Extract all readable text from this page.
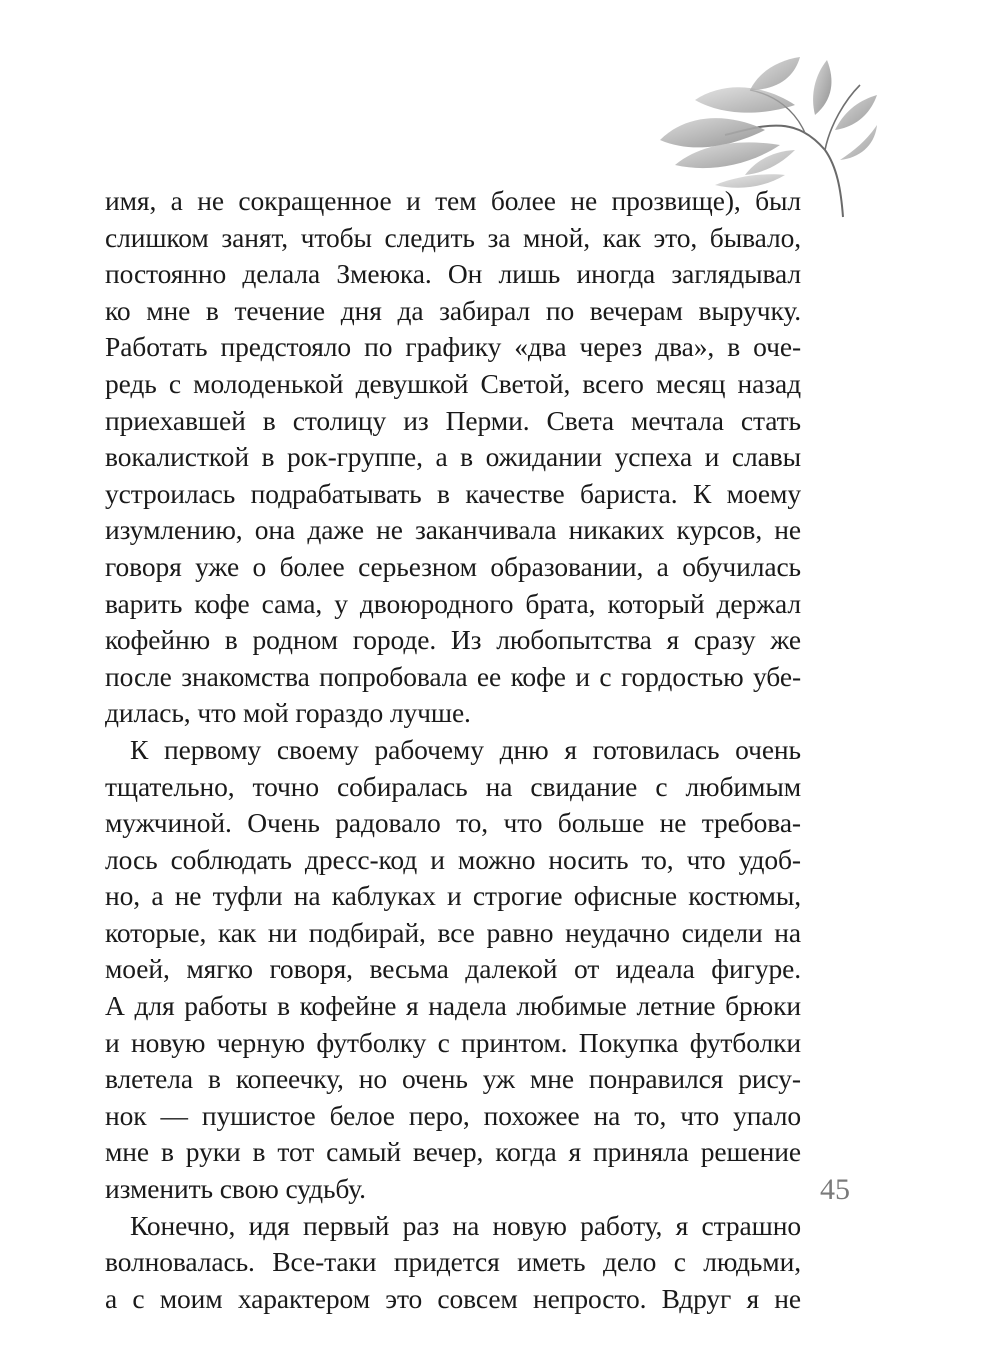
имя, а не сокращенное и тем более не прозвище), был
слишком занят, чтобы следить за мной, как это, бывало,
постоянно делала Змеюка. Он лишь иногда заглядывал
ко мне в течение дня да забирал по вечерам выручку.
Работать предстояло по графику «два через два», в оче-
редь с молоденькой девушкой Светой, всего месяц назад
приехавшей в столицу из Перми. Света мечтала стать
вокалисткой в рок-группе, а в ожидании успеха и славы
устроилась подрабатывать в качестве бариста. К моему
изумлению, она даже не заканчивала никаких курсов, не
говоря уже о более серьезном образовании, а обучилась
варить кофе сама, у двоюродного брата, который держал
кофейню в родном городе. Из любопытства я сразу же
после знакомства попробовала ее кофе и с гордостью убе-
дилась, что мой гораздо лучше.

К первому своему рабочему дню я готовилась очень
тщательно, точно собиралась на свидание с любимым
мужчиной. Очень радовало то, что больше не требова-
лось соблюдать дресс-код и можно носить то, что удоб-
но, а не туфли на каблуках и строгие офисные костюмы,
которые, как ни подбирай, все равно неудачно сидели на
моей, мягко говоря, весьма далекой от идеала фигуре.
А для работы в кофейне я надела любимые летние брюки
и новую черную футболку с принтом. Покупка футболки
влетела в копеечку, но очень уж мне понравился рису-
нок — пушистое белое перо, похожее на то, что упало
мне в руки в тот самый вечер, когда я приняла решение
изменить свою судьбу.

Конечно, идя первый раз на новую работу, я страшно
волновалась. Все-таки придется иметь дело с людьми,
а с моим характером это совсем непросто. Вдруг я не

45
